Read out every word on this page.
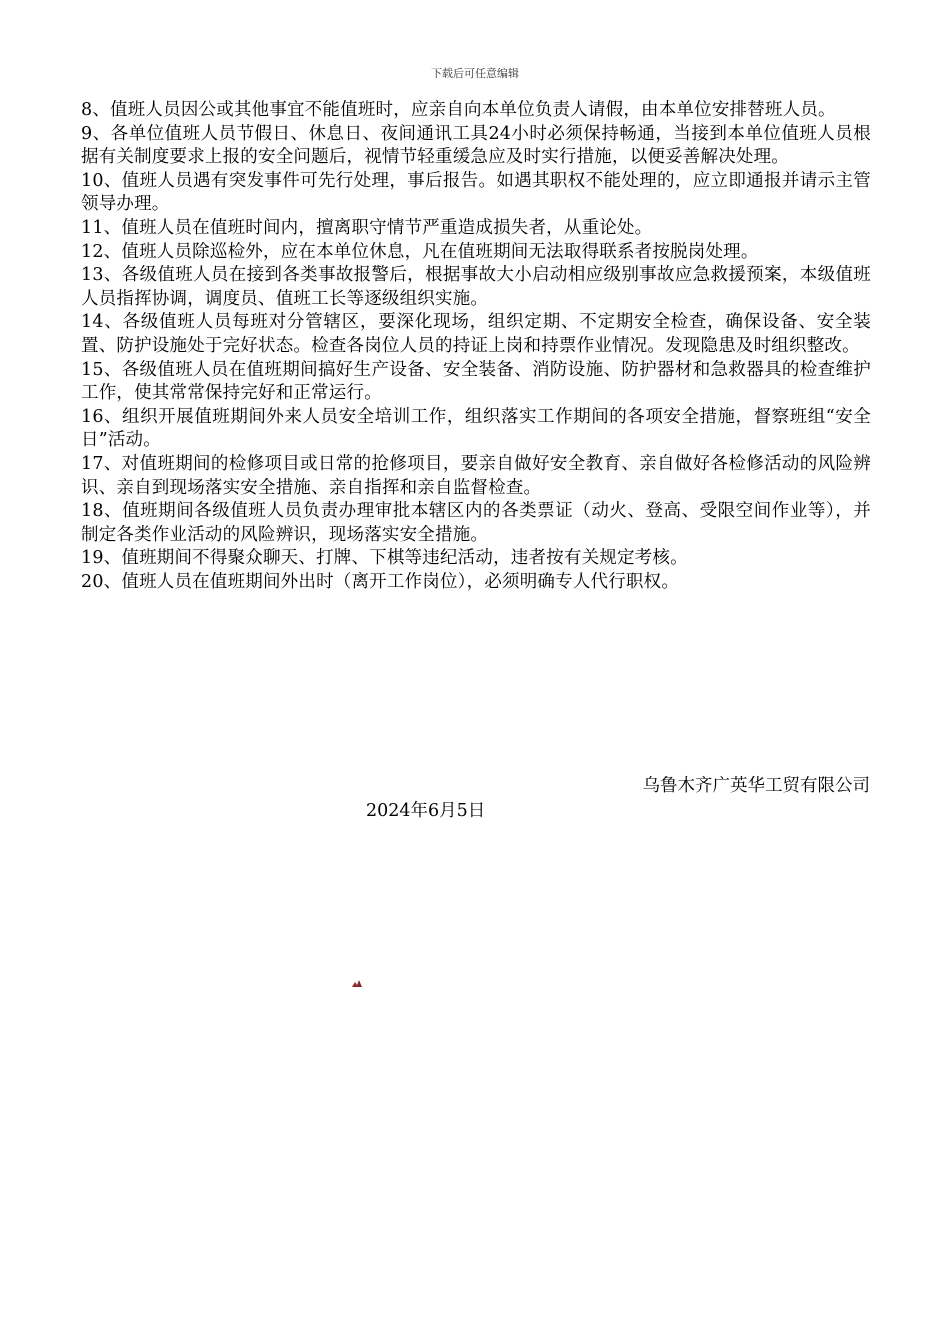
下载后可任意编辑

8、值班人员因公或其他事宜不能值班时，应亲自向本单位负责人请假，由本单位安排替班人员。

9、各单位值班人员节假日、休息日、夜间通讯工具24小时必须保持畅通，当接到本单位值班人员根据有关制度要求上报的安全问题后，视情节轻重缓急应及时实行措施，以便妥善解决处理。

10、值班人员遇有突发事件可先行处理，事后报告。如遇其职权不能处理的，应立即通报并请示主管领导办理。

11、值班人员在值班时间内，擅离职守情节严重造成损失者，从重论处。

12、值班人员除巡检外，应在本单位休息，凡在值班期间无法取得联系者按脱岗处理。

13、各级值班人员在接到各类事故报警后，根据事故大小启动相应级别事故应急救援预案，本级值班人员指挥协调，调度员、值班工长等逐级组织实施。

14、各级值班人员每班对分管辖区，要深化现场，组织定期、不定期安全检查，确保设备、安全装置、防护设施处于完好状态。检查各岗位人员的持证上岗和持票作业情况。发现隐患及时组织整改。

15、各级值班人员在值班期间搞好生产设备、安全装备、消防设施、防护器材和急救器具的检查维护工作，使其常常保持完好和正常运行。

16、组织开展值班期间外来人员安全培训工作，组织落实工作期间的各项安全措施，督察班组“安全日”活动。

17、对值班期间的检修项目或日常的抢修项目，要亲自做好安全教育、亲自做好各检修活动的风险辨识、亲自到现场落实安全措施、亲自指挥和亲自监督检查。

18、值班期间各级值班人员负责办理审批本辖区内的各类票证（动火、登高、受限空间作业等），并制定各类作业活动的风险辨识，现场落实安全措施。

19、值班期间不得聚众聊天、打牌、下棋等违纪活动，违者按有关规定考核。

20、值班人员在值班期间外出时（离开工作岗位），必须明确专人代行职权。

乌鲁木齐广英华工贸有限公司
2024年6月5日
